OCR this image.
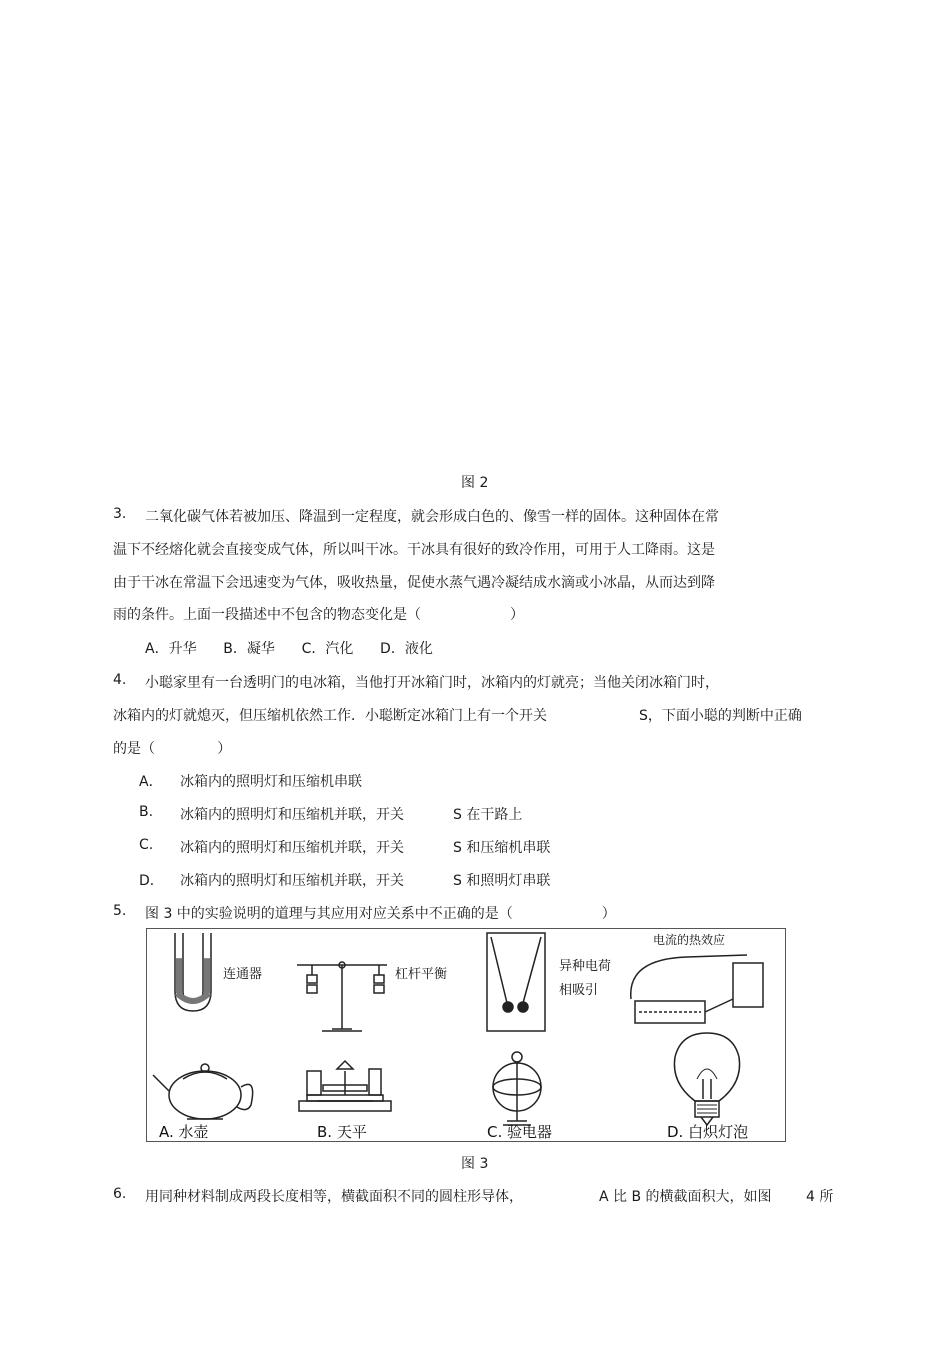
图 2
3. 二氧化碳气体若被加压、降温到一定程度，就会形成白色的、像雪一样的固体。这种固体在常
温下不经熔化就会直接变成气体，所以叫干冰。干冰具有很好的致冷作用，可用于人工降雨。这是
由于干冰在常温下会迅速变为气体，吸收热量，促使水蒸气遇冷凝结成水滴或小冰晶，从而达到降
雨的条件。上面一段描述中不包含的物态变化是（                    ）
A．升华      B．凝华      C．汽化      D．液化
4. 小聪家里有一台透明门的电冰箱，当他打开冰箱门时，冰箱内的灯就亮；当他关闭冰箱门时，
冰箱内的灯就熄灭，但压缩机依然工作．小聪断定冰箱门上有一个开关	S，下面小聪的判断中正确
的是（              ）
A． 冰箱内的照明灯和压缩机串联
B. 冰箱内的照明灯和压缩机并联，开关	S 在干路上
C. 冰箱内的照明灯和压缩机并联，开关	S 和压缩机串联
D． 冰箱内的照明灯和压缩机并联，开关	S 和照明灯串联
5. 图 3 中的实验说明的道理与其应用对应关系中不正确的是（                    ）
连通器	杠杆平衡
异种电荷
相吸引
电流的热效应
A. 水壶	B. 天平	C. 验电器	D. 白炽灯泡
图 3
6. 用同种材料制成两段长度相等，横截面积不同的圆柱形导体，	A 比 B 的横截面积大，如图 4 所
